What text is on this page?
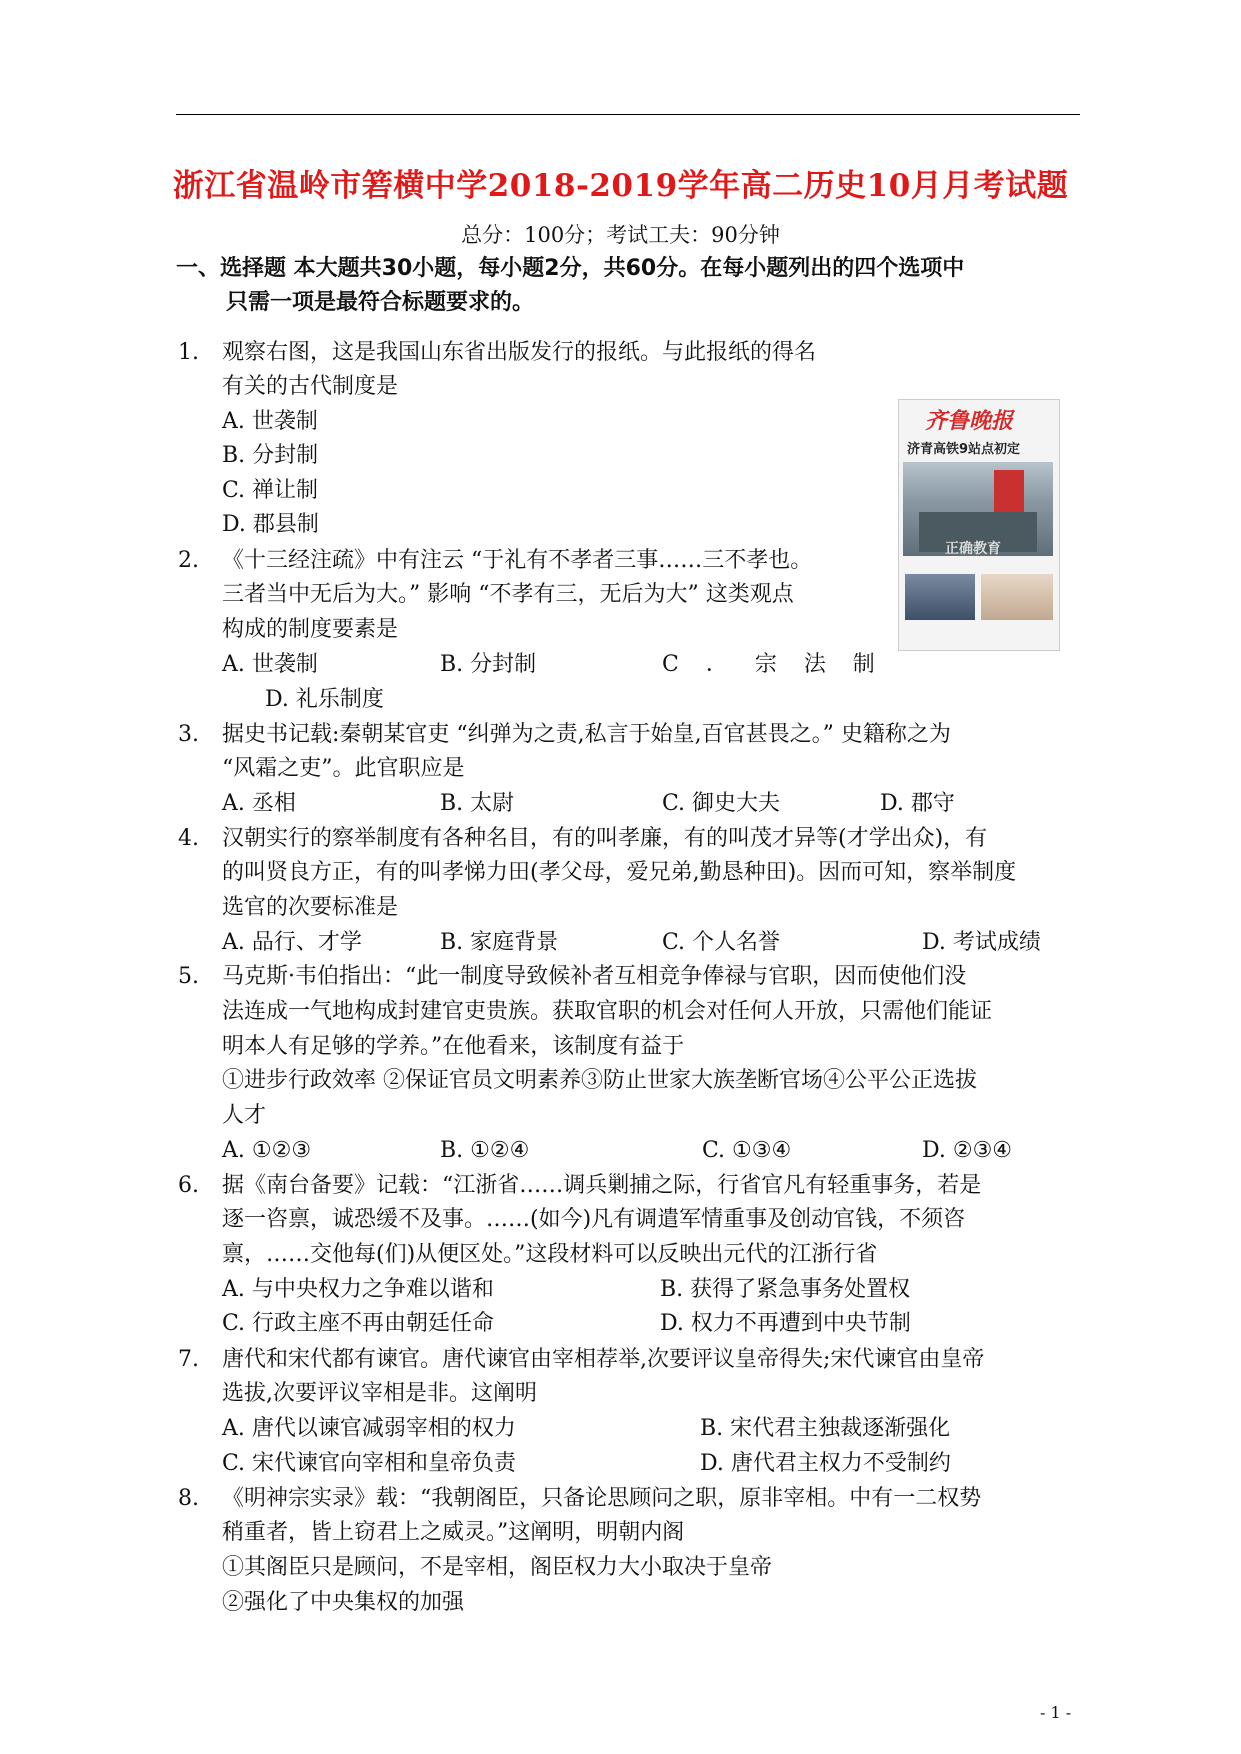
浙江省温岭市箬横中学2018-2019学年高二历史10月月考试题
总分：100分；考试工夫：90分钟
一、选择题 本大题共30小题，每小题2分，共60分。在每小题列出的四个选项中
只需一项是最符合标题要求的。
齐鲁晚报
济青高铁9站点初定
正确教育
1. 观察右图，这是我国山东省出版发行的报纸。与此报纸的得名
有关的古代制度是
A. 世袭制
B. 分封制
C. 禅让制
D. 郡县制
2. 《十三经注疏》中有注云 “于礼有不孝者三事……三不孝也。
三者当中无后为大。” 影响 “不孝有三，无后为大” 这类观点
构成的制度要素是
A. 世袭制	B. 分封制	C ． 宗 法 制
D. 礼乐制度
3. 据史书记载:秦朝某官吏 “纠弹为之责,私言于始皇,百官甚畏之。” 史籍称之为
“风霜之吏”。此官职应是
A. 丞相	B. 太尉	C. 御史大夫	D. 郡守
4. 汉朝实行的察举制度有各种名目，有的叫孝廉，有的叫茂才异等(才学出众)，有
的叫贤良方正，有的叫孝悌力田(孝父母，爱兄弟,勤恳种田)。因而可知，察举制度
选官的次要标准是
A. 品行、才学	B. 家庭背景	C. 个人名誉	D. 考试成绩
5. 马克斯·韦伯指出：“此一制度导致候补者互相竞争俸禄与官职，因而使他们没
法连成一气地构成封建官吏贵族。获取官职的机会对任何人开放，只需他们能证
明本人有足够的学养。”在他看来，该制度有益于
①进步行政效率 ②保证官员文明素养③防止世家大族垄断官场④公平公正选拔
人才
A. ①②③	B. ①②④	C. ①③④	D. ②③④
6. 据《南台备要》记载：“江浙省……调兵剿捕之际，行省官凡有轻重事务，若是
逐一咨禀，诚恐缓不及事。……(如今)凡有调遣军情重事及创动官钱，不须咨
禀，……交他每(们)从便区处。”这段材料可以反映出元代的江浙行省
A. 与中央权力之争难以谐和	B. 获得了紧急事务处置权
C. 行政主座不再由朝廷任命	D. 权力不再遭到中央节制
7. 唐代和宋代都有谏官。唐代谏官由宰相荐举,次要评议皇帝得失;宋代谏官由皇帝
选拔,次要评议宰相是非。这阐明
A. 唐代以谏官减弱宰相的权力	B. 宋代君主独裁逐渐强化
C. 宋代谏官向宰相和皇帝负责	D. 唐代君主权力不受制约
8. 《明神宗实录》载：“我朝阁臣，只备论思顾问之职，原非宰相。中有一二权势
稍重者，皆上窃君上之威灵。”这阐明，明朝内阁
①其阁臣只是顾问，不是宰相，阁臣权力大小取决于皇帝
②强化了中央集权的加强
- 1 -
